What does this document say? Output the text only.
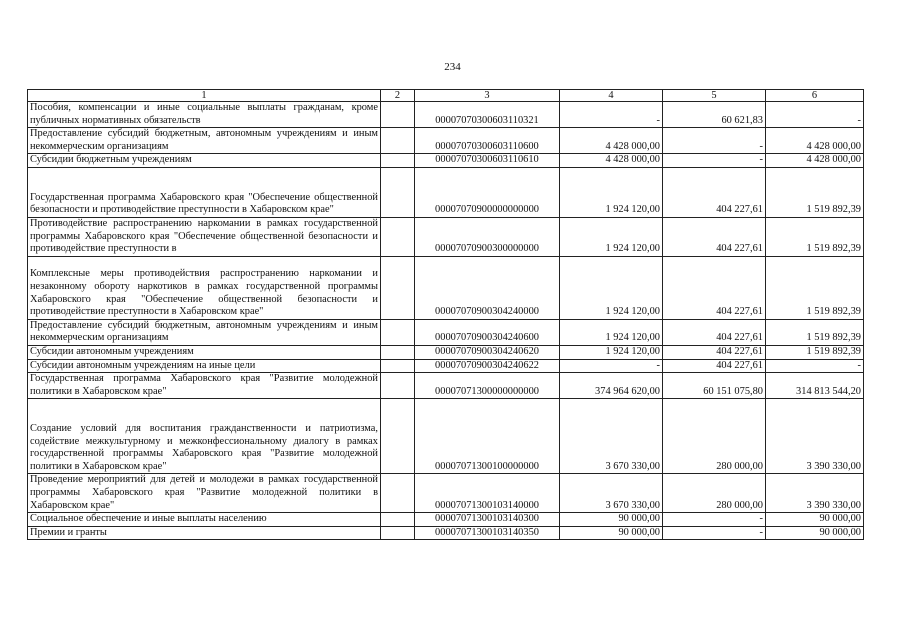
234
1	2	3	4	5	6
Пособия, компенсации и иные социальные выплаты гражданам, кроме публичных нормативных обязательств		00007070300603110321	-	60 621,83	-
Предоставление субсидий бюджетным, автономным учреждениям и иным некоммерческим организациям		00007070300603110600	4 428 000,00	-	4 428 000,00
Субсидии бюджетным учреждениям		00007070300603110610	4 428 000,00	-	4 428 000,00
Государственная программа Хабаровского края "Обеспечение общественной безопасности и противодействие преступности в Хабаровском крае"		00007070900000000000	1 924 120,00	404 227,61	1 519 892,39
Противодействие распространению наркомании в рамках государственной программы Хабаровского края "Обеспечение общественной безопасности и противодействие преступности в		00007070900300000000	1 924 120,00	404 227,61	1 519 892,39
Комплексные меры противодействия распространению наркомании и незаконному обороту наркотиков в рамках государственной программы Хабаровского края "Обеспечение общественной безопасности и противодействие преступности в Хабаровском крае"		00007070900304240000	1 924 120,00	404 227,61	1 519 892,39
Предоставление субсидий бюджетным, автономным учреждениям и иным некоммерческим организациям		00007070900304240600	1 924 120,00	404 227,61	1 519 892,39
Субсидии автономным учреждениям		00007070900304240620	1 924 120,00	404 227,61	1 519 892,39
Субсидии автономным учреждениям на иные цели		00007070900304240622	-	404 227,61	-
Государственная программа Хабаровского края "Развитие молодежной политики в Хабаровском крае"		00007071300000000000	374 964 620,00	60 151 075,80	314 813 544,20
Создание условий для воспитания гражданственности и патриотизма, содействие межкультурному и межконфессиональному диалогу в рамках государственной программы Хабаровского края "Развитие молодежной политики в Хабаровском крае"		00007071300100000000	3 670 330,00	280 000,00	3 390 330,00
Проведение мероприятий для детей и молодежи в рамках государственной программы Хабаровского края "Развитие молодежной политики в Хабаровском крае"		00007071300103140000	3 670 330,00	280 000,00	3 390 330,00
Социальное обеспечение и иные выплаты населению		00007071300103140300	90 000,00	-	90 000,00
Премии и гранты		00007071300103140350	90 000,00	-	90 000,00
